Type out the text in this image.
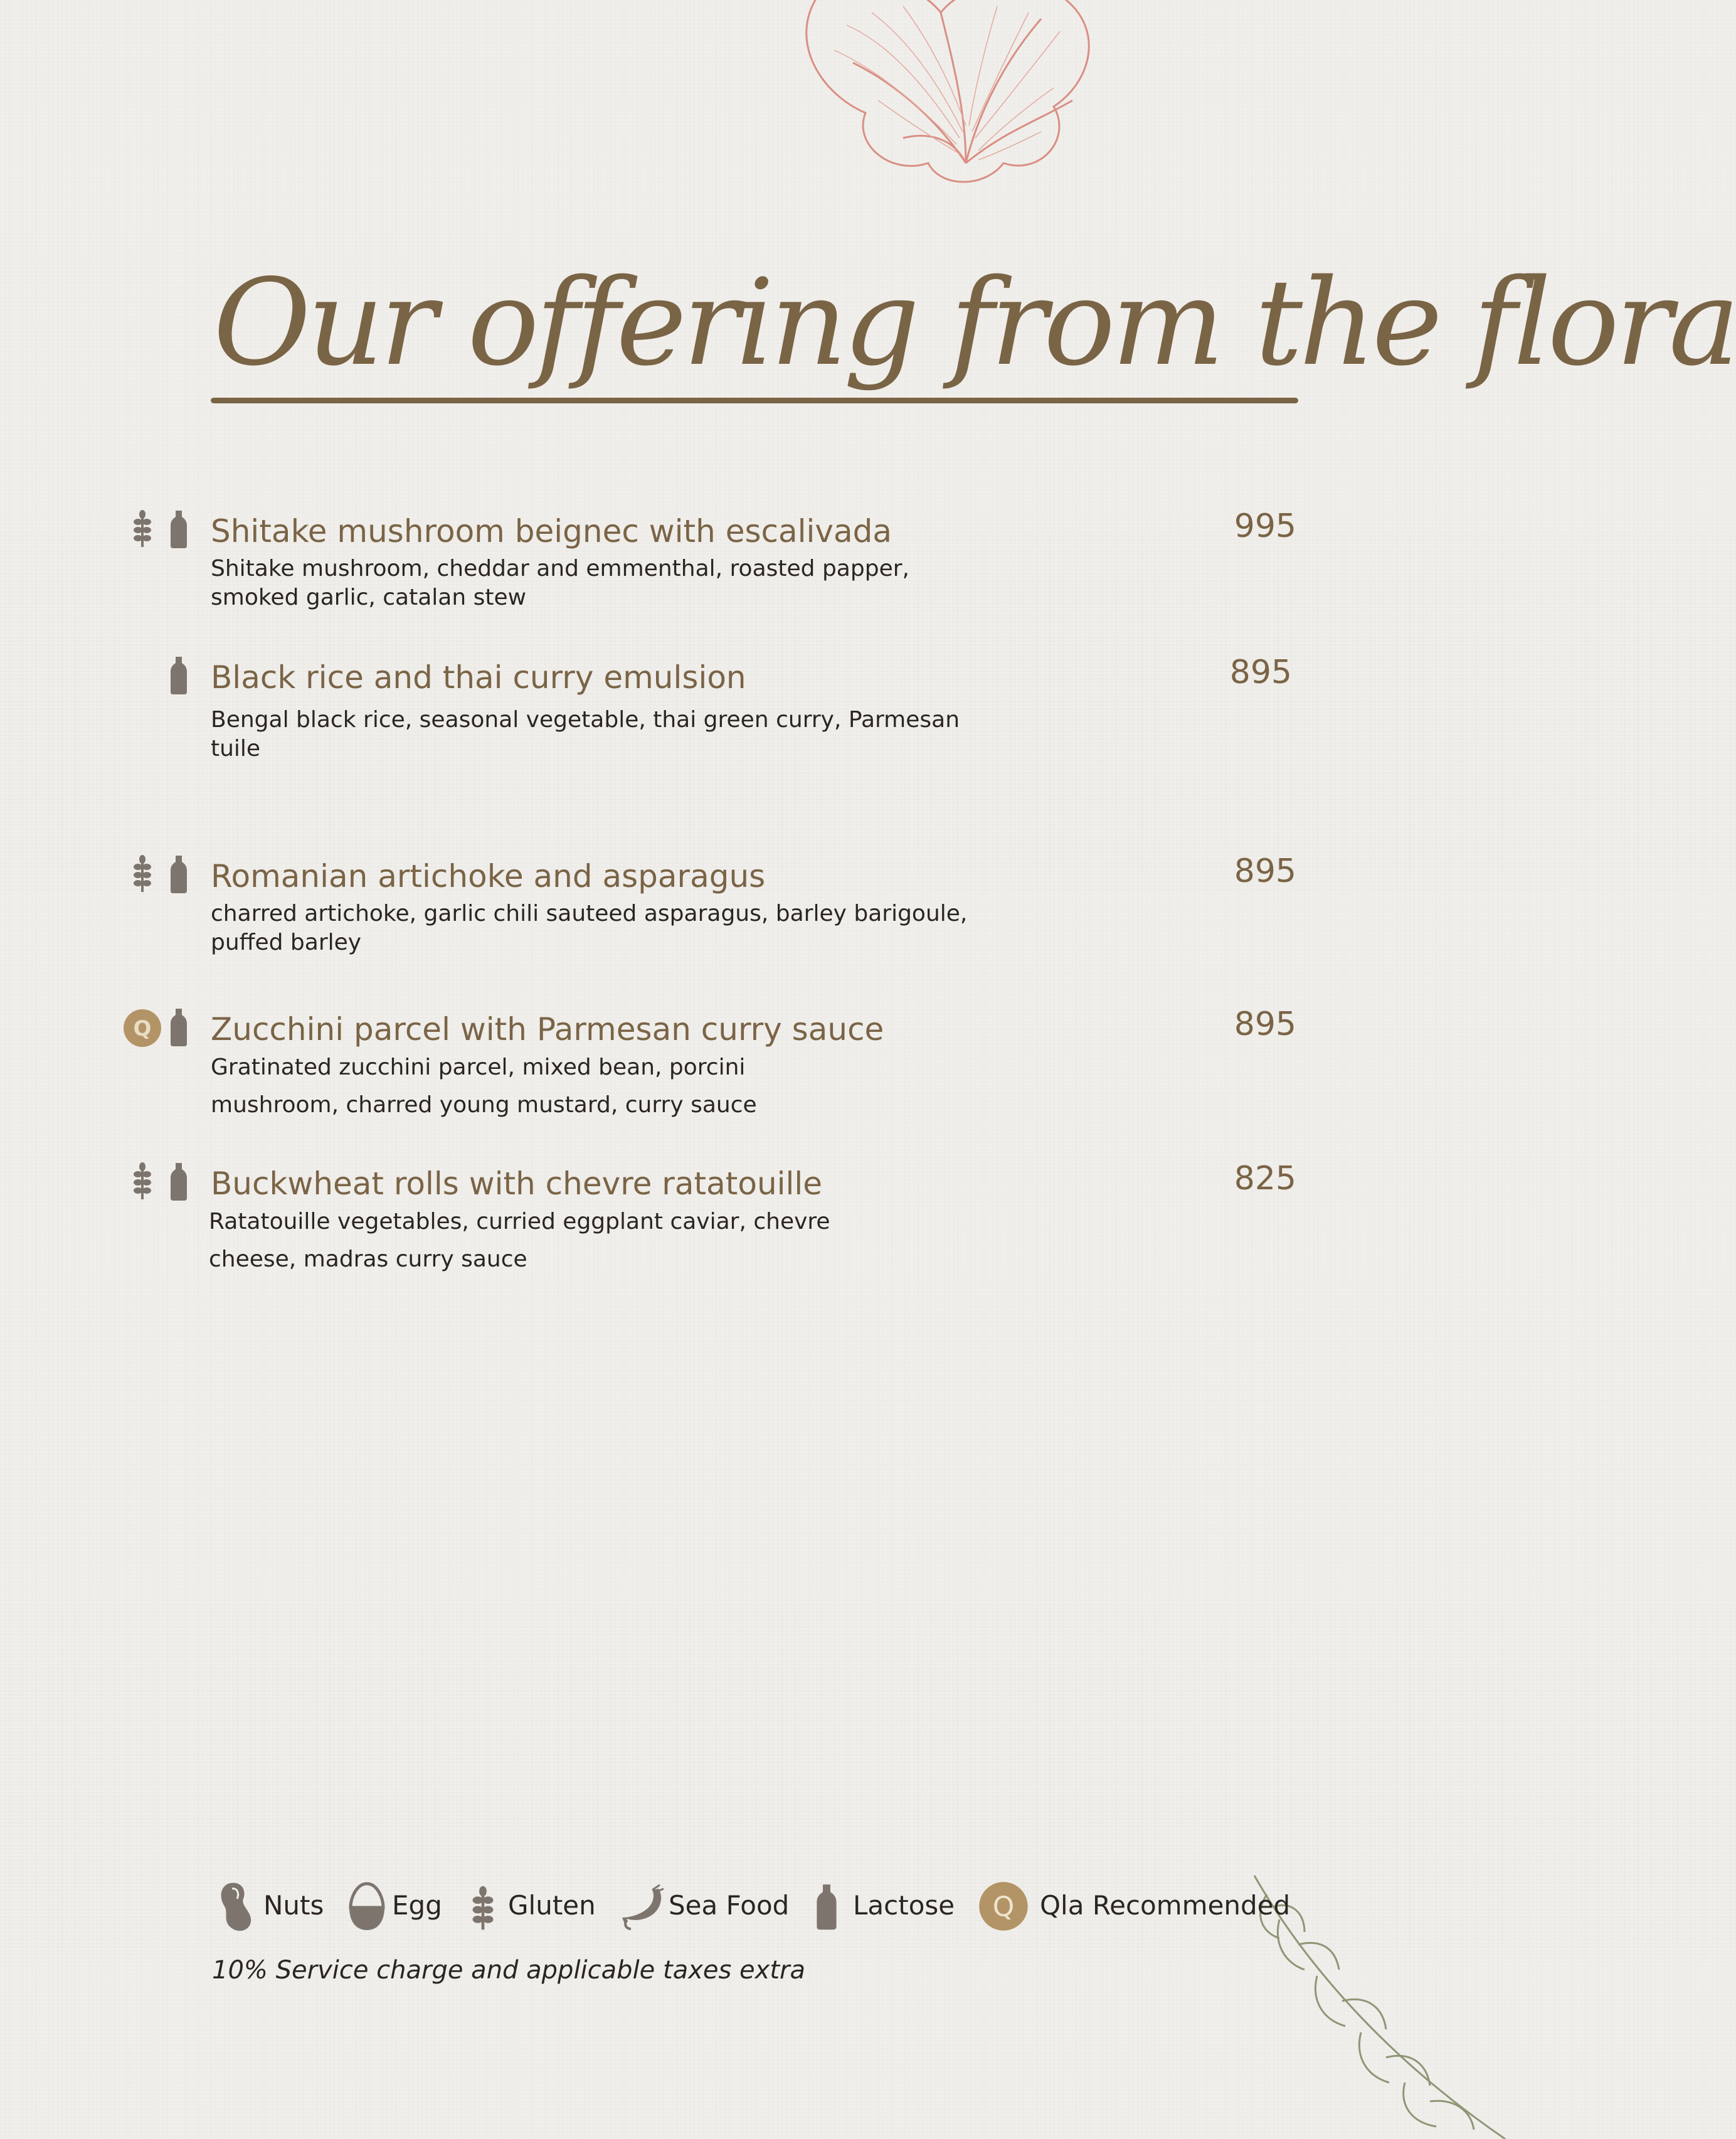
Our offering from the flora
Shitake mushroom beignec with escalivada
Shitake mushroom, cheddar and emmenthal, roasted papper, smoked garlic, catalan stew
995
Black rice and thai curry emulsion
Bengal black rice, seasonal vegetable, thai green curry, Parmesan tuile
895
Romanian artichoke and asparagus
charred artichoke, garlic chili sauteed asparagus, barley barigoule, puffed barley
895
Q Zucchini parcel with Parmesan curry sauce
Gratinated zucchini parcel, mixed bean, porcini mushroom, charred young mustard, curry sauce
895
Buckwheat rolls with chevre ratatouille
Ratatouille vegetables, curried eggplant caviar, chevre cheese, madras curry sauce
825
Nuts	Egg	Gluten	Sea Food Lactose Q Qla Recommended
10% Service charge and applicable taxes extra
